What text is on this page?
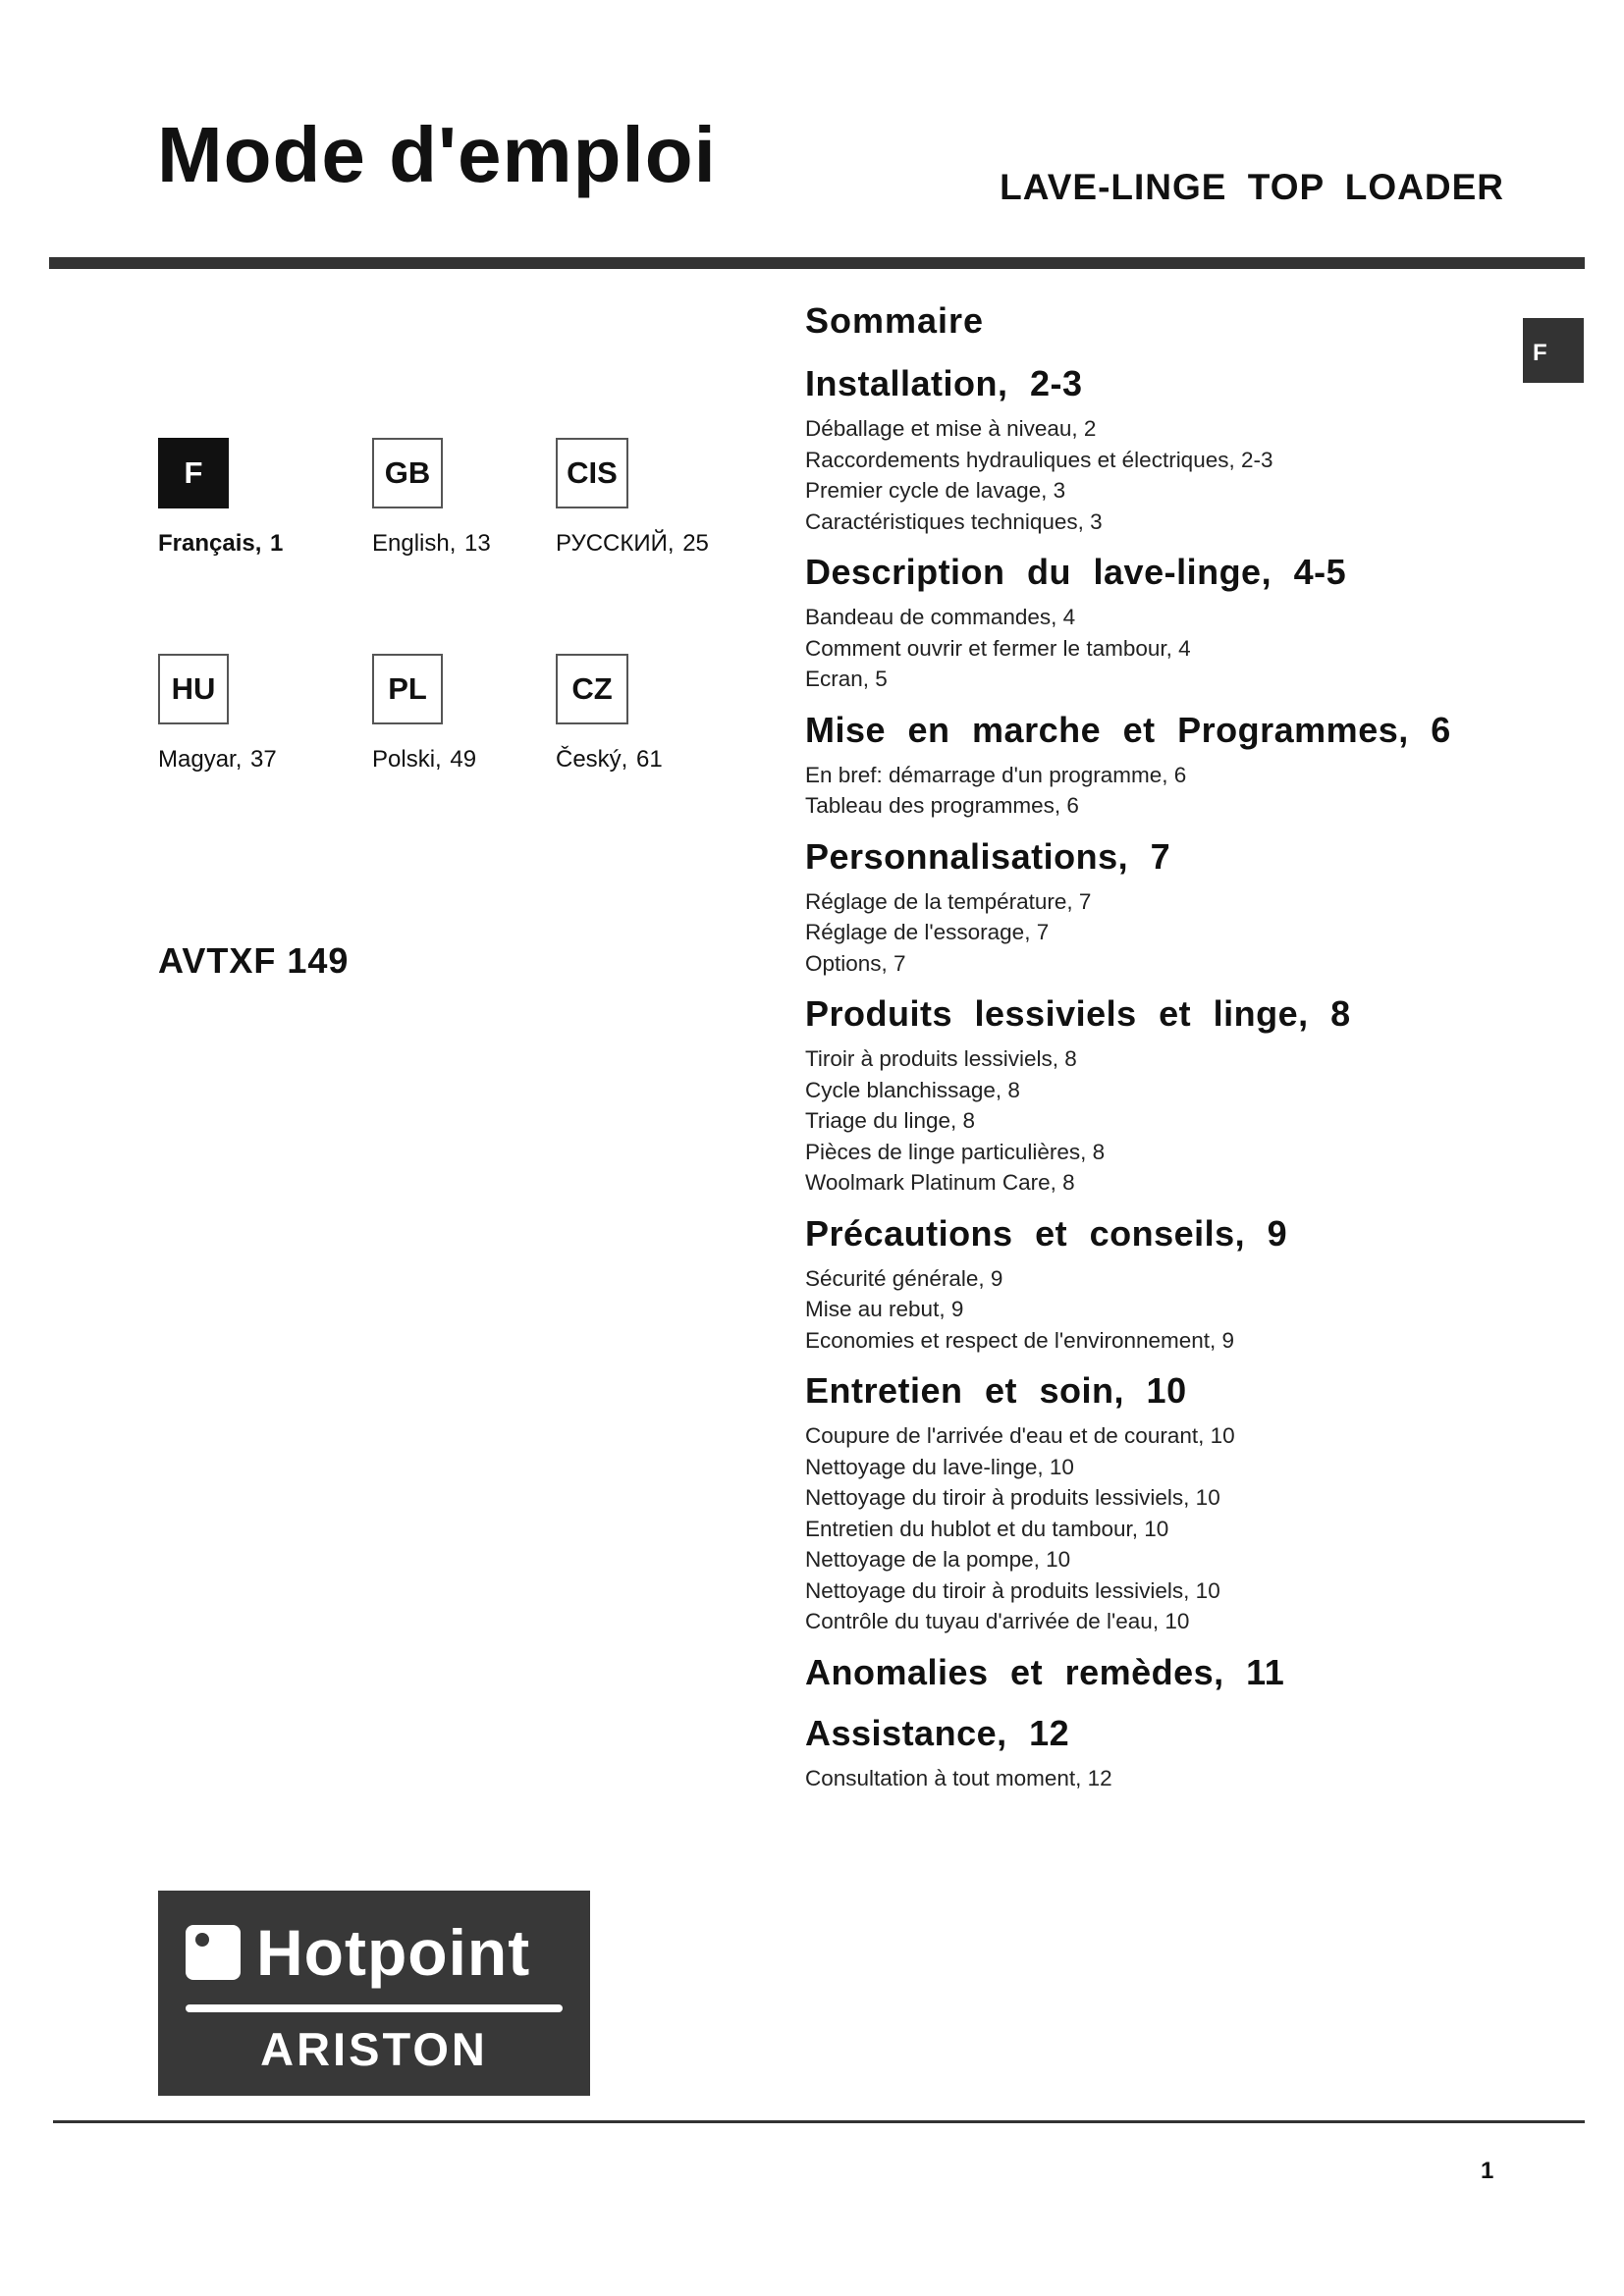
Mode d'emploi	LAVE-LINGE TOP LOADER
F
F
Français, 1
GB
English, 13
CIS
РУССКИЙ, 25
HU
Magyar, 37
PL
Polski, 49
CZ
Český, 61
AVTXF 149
Sommaire
Installation, 2-3
Déballage et mise à niveau, 2
Raccordements hydrauliques et électriques, 2-3
Premier cycle de lavage, 3
Caractéristiques techniques, 3
Description du lave-linge, 4-5
Bandeau de commandes, 4
Comment ouvrir et fermer le tambour, 4
Ecran, 5
Mise en marche et Programmes, 6
En bref: démarrage d'un programme, 6
Tableau des programmes, 6
Personnalisations, 7
Réglage de la température, 7
Réglage de l'essorage, 7
Options, 7
Produits lessiviels et linge, 8
Tiroir à produits lessiviels, 8
Cycle blanchissage, 8
Triage du linge, 8
Pièces de linge particulières, 8
Woolmark Platinum Care, 8
Précautions et conseils, 9
Sécurité générale, 9
Mise au rebut, 9
Economies et respect de l'environnement, 9
Entretien et soin, 10
Coupure de l'arrivée d'eau et de courant, 10
Nettoyage du lave-linge, 10
Nettoyage du tiroir à produits lessiviels, 10
Entretien du hublot et du tambour, 10
Nettoyage de la pompe, 10
Nettoyage du tiroir à produits lessiviels, 10
Contrôle du tuyau d'arrivée de l'eau, 10
Anomalies et remèdes, 11
Assistance, 12
Consultation à tout moment, 12
Hotpoint
ARISTON
1
